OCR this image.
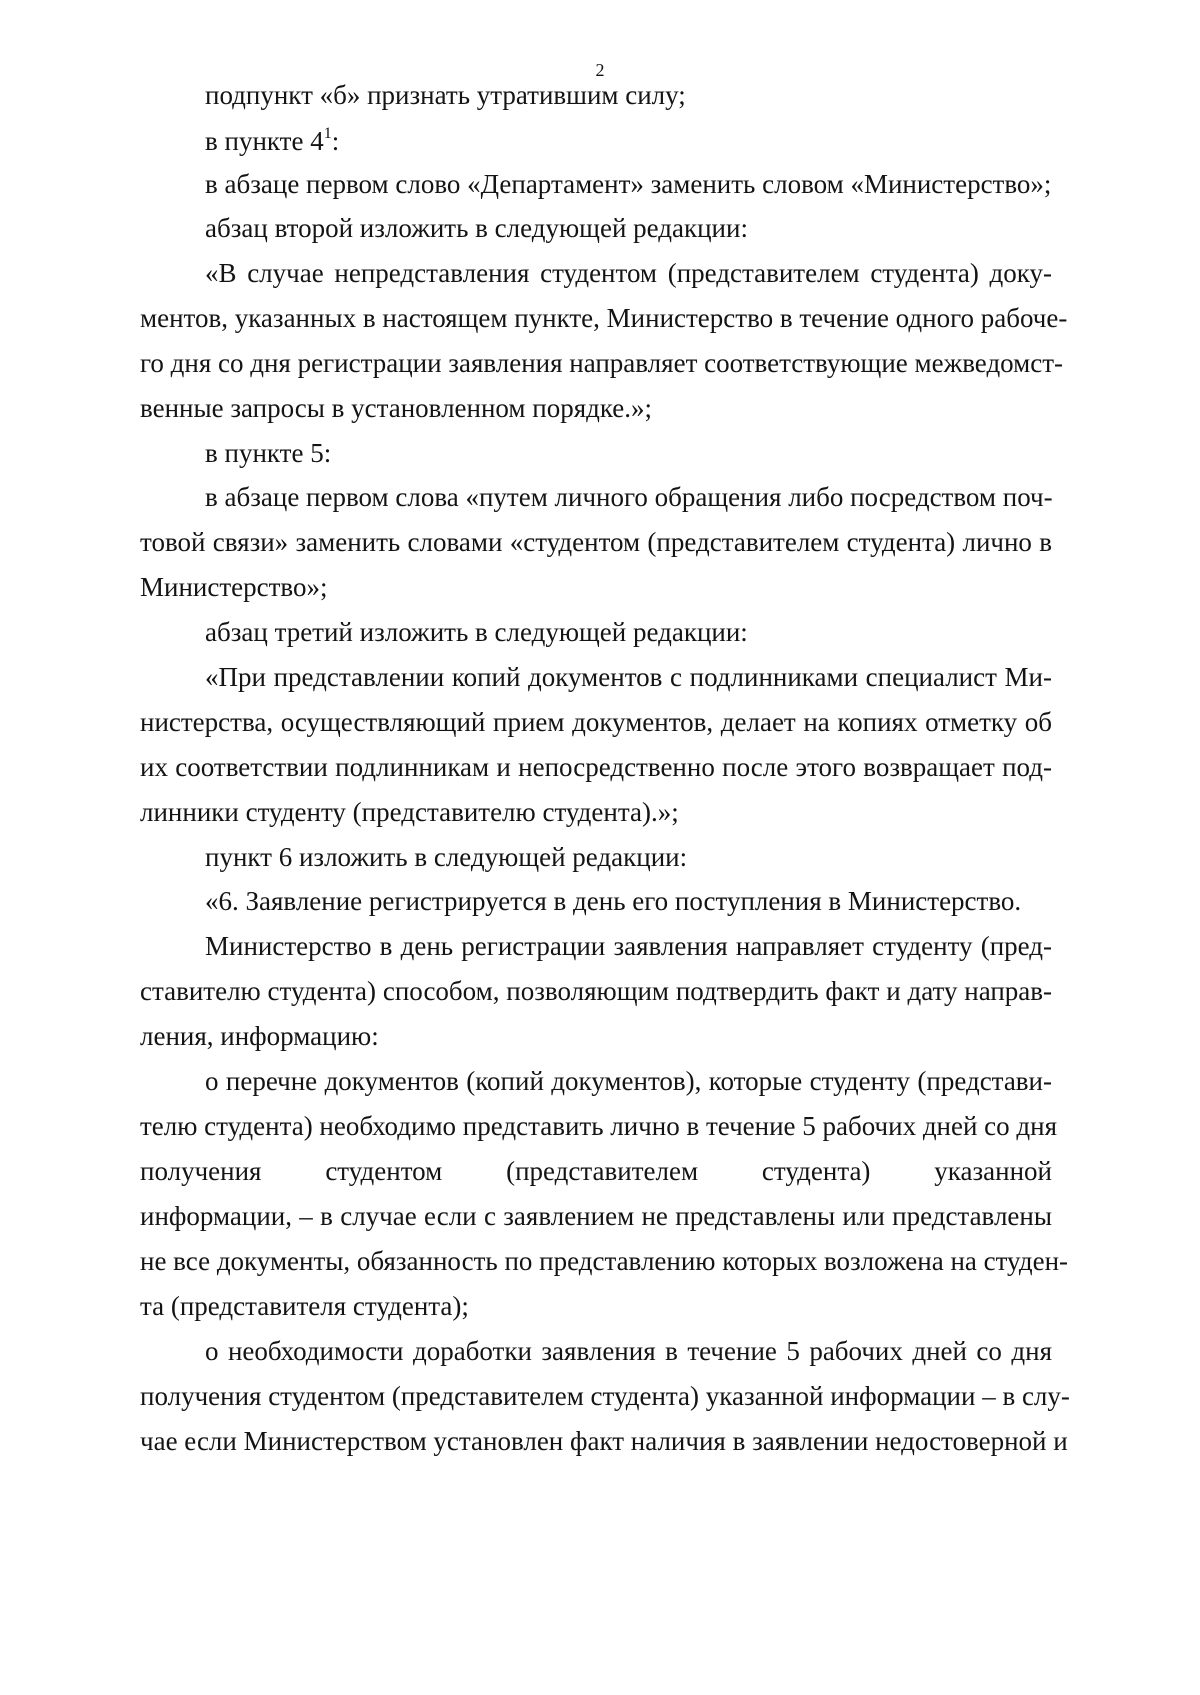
2
подпункт «б» признать утратившим силу;
в пункте $4^1$:
в абзаце первом слово «Департамент» заменить словом «Министерство»;
абзац второй изложить в следующей редакции:
«В случае непредставления студентом (представителем студента) доку-
ментов, указанных в настоящем пункте, Министерство в течение одного рабоче-
го дня со дня регистрации заявления направляет соответствующие межведомст-
венные запросы в установленном порядке.»;
в пункте 5:
в абзаце первом слова «путем личного обращения либо посредством поч-
товой связи» заменить словами «студентом (представителем студента) лично в
Министерство»;
абзац третий изложить в следующей редакции:
«При представлении копий документов с подлинниками специалист Ми-
нистерства, осуществляющий прием документов, делает на копиях отметку об
их соответствии подлинникам и непосредственно после этого возвращает под-
линники студенту (представителю студента).»;
пункт 6 изложить в следующей редакции:
«6. Заявление регистрируется в день его поступления в Министерство.
Министерство в день регистрации заявления направляет студенту (пред-
ставителю студента) способом, позволяющим подтвердить факт и дату направ-
ления, информацию:
о перечне документов (копий документов), которые студенту (представи-
телю студента) необходимо представить лично в течение 5 рабочих дней со дня
получения студентом (представителем студента) указанной
информации, – в случае если с заявлением не представлены или представлены
не все документы, обязанность по представлению которых возложена на студен-
та (представителя студента);
о необходимости доработки заявления в течение 5 рабочих дней со дня
получения студентом (представителем студента) указанной информации – в слу-
чае если Министерством установлен факт наличия в заявлении недостоверной и
